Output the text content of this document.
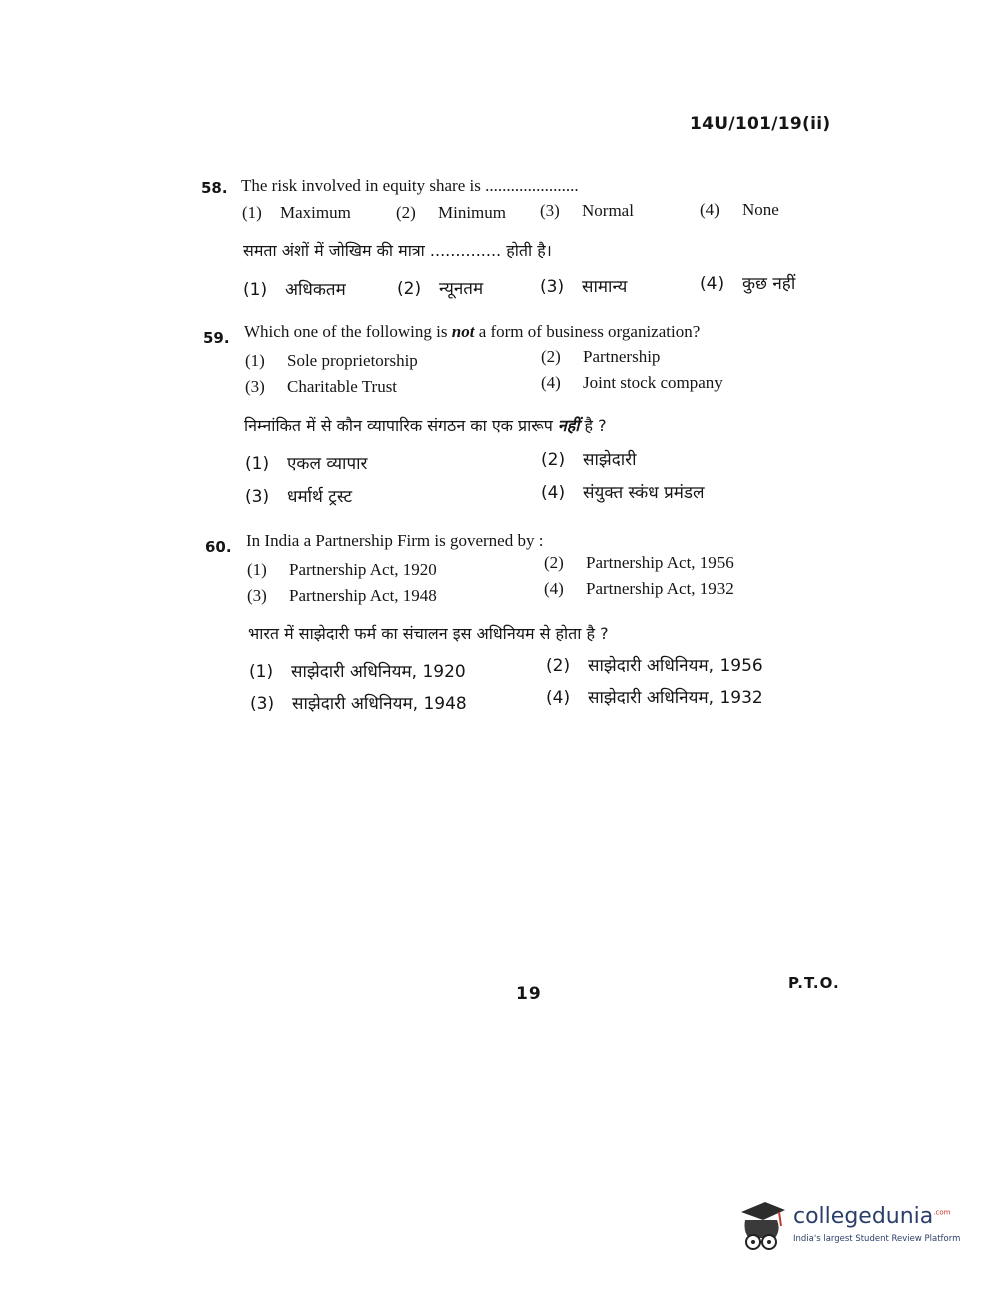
14U/101/19(ii)
58. The risk involved in equity share is ......................
(1) Maximum	(2) Minimum (3) Normal	(4) None
समता अंशों में जोखिम की मात्रा .............. होती है।
(1) अधिकतम	(2) न्यूनतम	(3) सामान्य	(4) कुछ नहीं
59. Which one of the following is not a form of business organization?
(1) Sole proprietorship	(2) Partnership
(3) Charitable Trust	(4) Joint stock company
निम्नांकित में से कौन व्यापारिक संगठन का एक प्रारूप नहीं है ?
(1) एकल व्यापार	(2) साझेदारी
(3) धर्मार्थ ट्रस्ट	(4) संयुक्त स्कंध प्रमंडल
60. In India a Partnership Firm is governed by :
(1) Partnership Act, 1920	(2) Partnership Act, 1956
(3) Partnership Act, 1948	(4) Partnership Act, 1932
भारत में साझेदारी फर्म का संचालन इस अधिनियम से होता है ?
(1) साझेदारी अधिनियम, 1920	(2) साझेदारी अधिनियम, 1956
(3) साझेदारी अधिनियम, 1948	(4) साझेदारी अधिनियम, 1932
19
P.T.O.
collegedunia$^{.com}$
India's largest Student Review Platform
